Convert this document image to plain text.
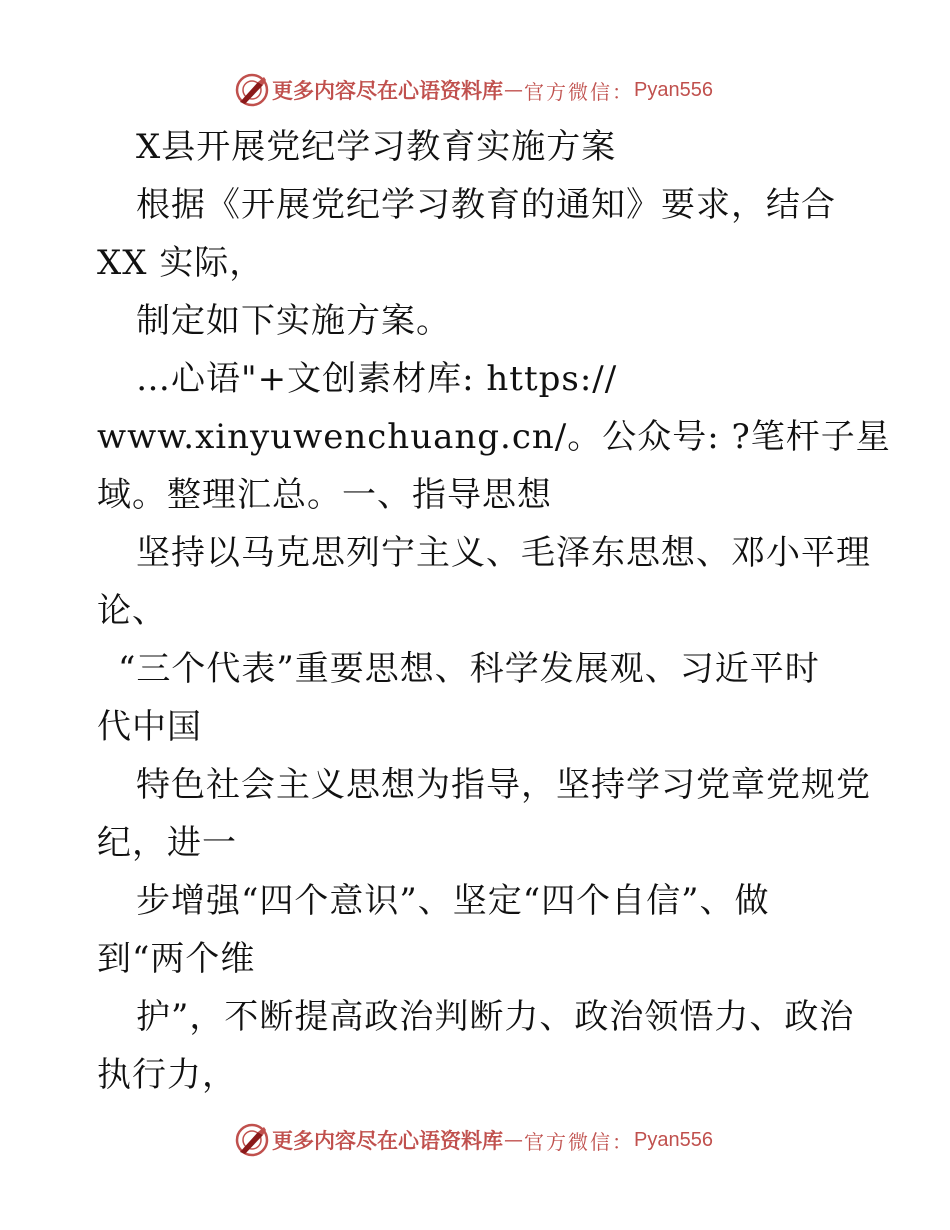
更多内容尽在心语资料库 — 官方微信： Pyan556
X县开展党纪学习教育实施方案
根据《开展党纪学习教育的通知》要求，结合
XX 实际，
制定如下实施方案。
…心语"+文创素材库: https://
www.xinyuwenchuang.cn/。公众号: ?笔杆子星
域。整理汇总。一、指导思想
坚持以马克思列宁主义、毛泽东思想、邓小平理
论、
“三个代表”重要思想、科学发展观、习近平时
代中国
特色社会主义思想为指导，坚持学习党章党规党
纪，进一
步增强“四个意识”、坚定“四个自信”、做
到“两个维
护”，不断提高政治判断力、政治领悟力、政治
执行力，
更多内容尽在心语资料库 — 官方微信： Pyan556
